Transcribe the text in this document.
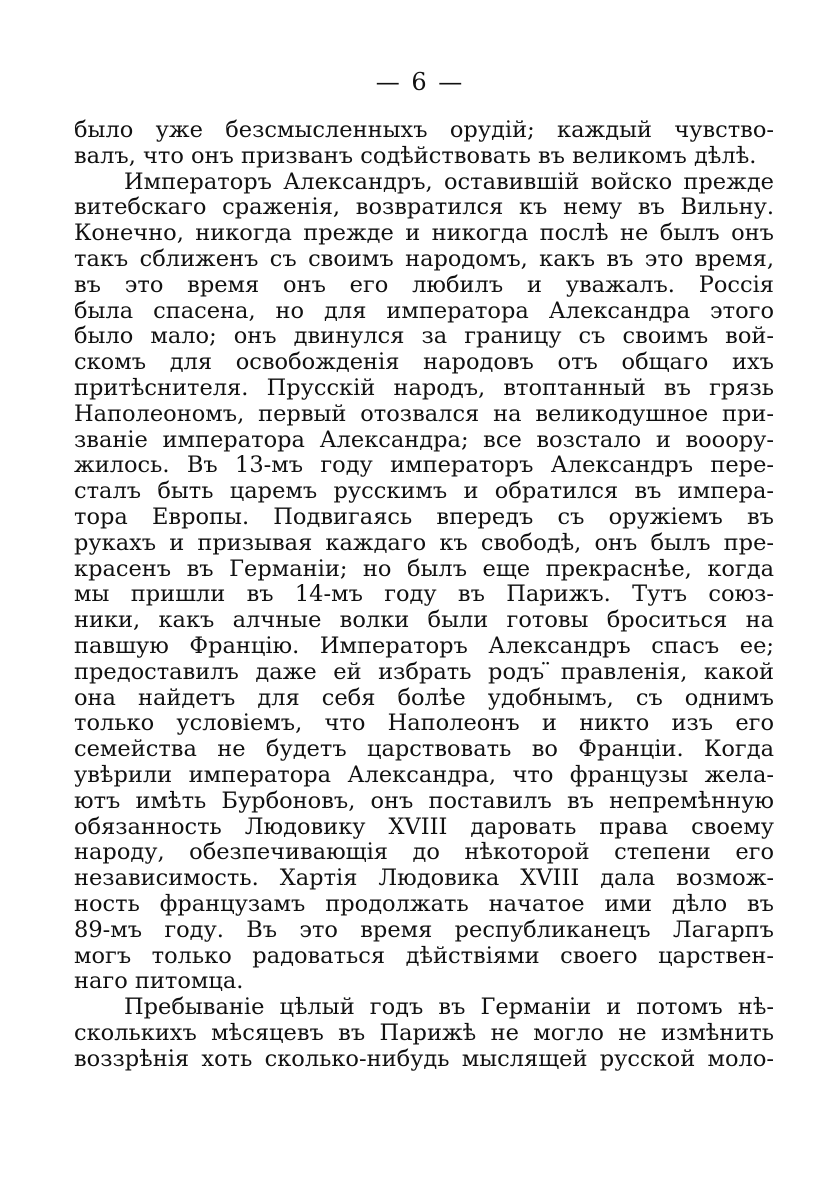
— 6 —
было уже безсмысленныхъ орудій; каждый чувство-
валъ, что онъ призванъ содѣйствовать въ великомъ дѣлѣ.
Императоръ Александръ, оставившій войско прежде
витебскаго сраженія, возвратился къ нему въ Вильну.
Конечно, никогда прежде и никогда послѣ не былъ онъ
такъ сближенъ съ своимъ народомъ, какъ въ это время,
въ это время онъ его любилъ и уважалъ. Россія
была спасена, но для императора Александра этого
было мало; онъ двинулся за границу съ своимъ вой-
скомъ для освобожденія народовъ отъ общаго ихъ
притѣснителя. Прусскій народъ, втоптанный въ грязь
Наполеономъ, первый отозвался на великодушное при-
званіе императора Александра; все возстало и вооору-
жилось. Въ 13-мъ году императоръ Александръ пере-
сталъ быть царемъ русскимъ и обратился въ импера-
тора Европы. Подвигаясь впередъ съ оружіемъ въ
рукахъ и призывая каждаго къ свободѣ, онъ былъ пре-
красенъ въ Германіи; но былъ еще прекраснѣе, когда
мы пришли въ 14-мъ году въ Парижъ. Тутъ союз-
ники, какъ алчные волки были готовы броситься на
павшую Францію. Императоръ Александръ спасъ ее;
предоставилъ даже ей избрать родъ ̈правленія, какой
она найдетъ для себя болѣе удобнымъ, съ однимъ
только условіемъ, что Наполеонъ и никто изъ его
семейства не будетъ царствовать во Франціи. Когда
увѣрили императора Александра, что французы жела-
ютъ имѣть Бурбоновъ, онъ поставилъ въ непремѣнную
обязанность Людовику XVIII даровать права своему
народу, обезпечивающія до нѣкоторой степени его
независимость. Хартія Людовика XVIII дала возмож-
ность французамъ продолжать начатое ими дѣло въ
89-мъ году. Въ это время республиканецъ Лагарпъ
могъ только радоваться дѣйствіями своего царствен-
наго питомца.
Пребываніе цѣлый годъ въ Германіи и потомъ нѣ-
сколькихъ мѣсяцевъ въ Парижѣ не могло не измѣнить
воззрѣнія хоть сколько-нибудь мыслящей русской моло-
